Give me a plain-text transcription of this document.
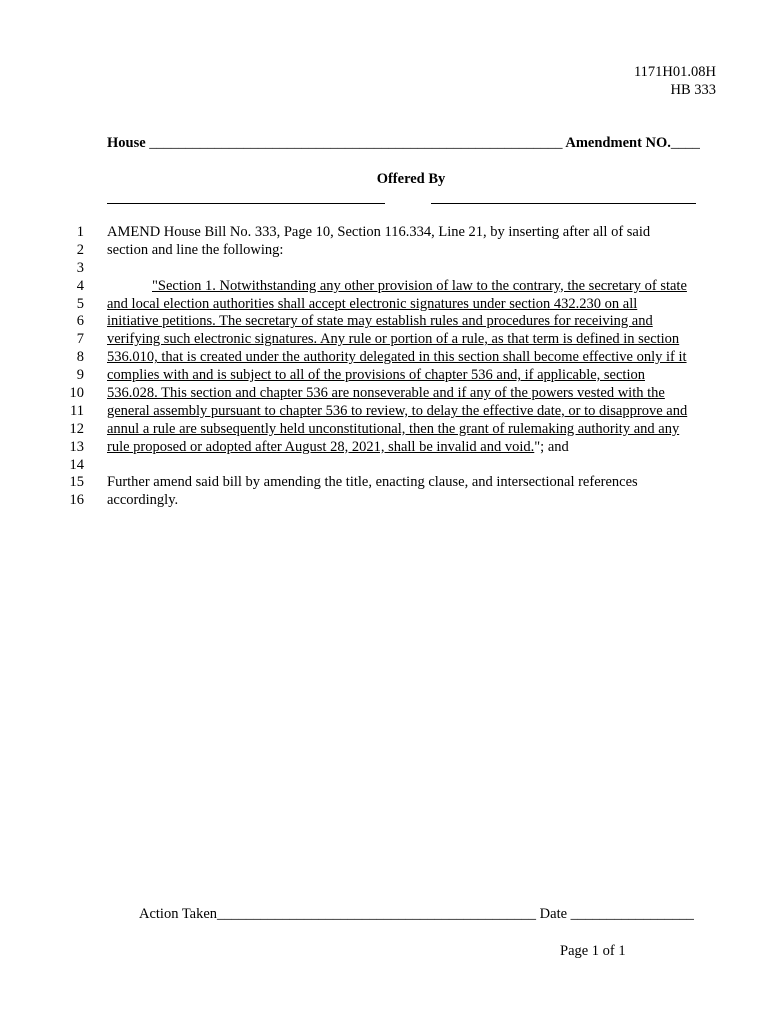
1171H01.08H
HB 333
House _________________________________________________________ Amendment NO.____
Offered By
1 AMEND House Bill No. 333, Page 10, Section 116.334, Line 21, by inserting after all of said
2 section and line the following:
3
4	"Section 1. Notwithstanding any other provision of law to the contrary, the secretary of state
5 and local election authorities shall accept electronic signatures under section 432.230 on all
6 initiative petitions. The secretary of state may establish rules and procedures for receiving and
7 verifying such electronic signatures. Any rule or portion of a rule, as that term is defined in section
8 536.010, that is created under the authority delegated in this section shall become effective only if it
9 complies with and is subject to all of the provisions of chapter 536 and, if applicable, section
10 536.028. This section and chapter 536 are nonseverable and if any of the powers vested with the
11 general assembly pursuant to chapter 536 to review, to delay the effective date, or to disapprove and
12 annul a rule are subsequently held unconstitutional, then the grant of rulemaking authority and any
13 rule proposed or adopted after August 28, 2021, shall be invalid and void."; and
14
15 Further amend said bill by amending the title, enacting clause, and intersectional references
16 accordingly.
Action Taken____________________________________________ Date _________________
Page 1 of 1
